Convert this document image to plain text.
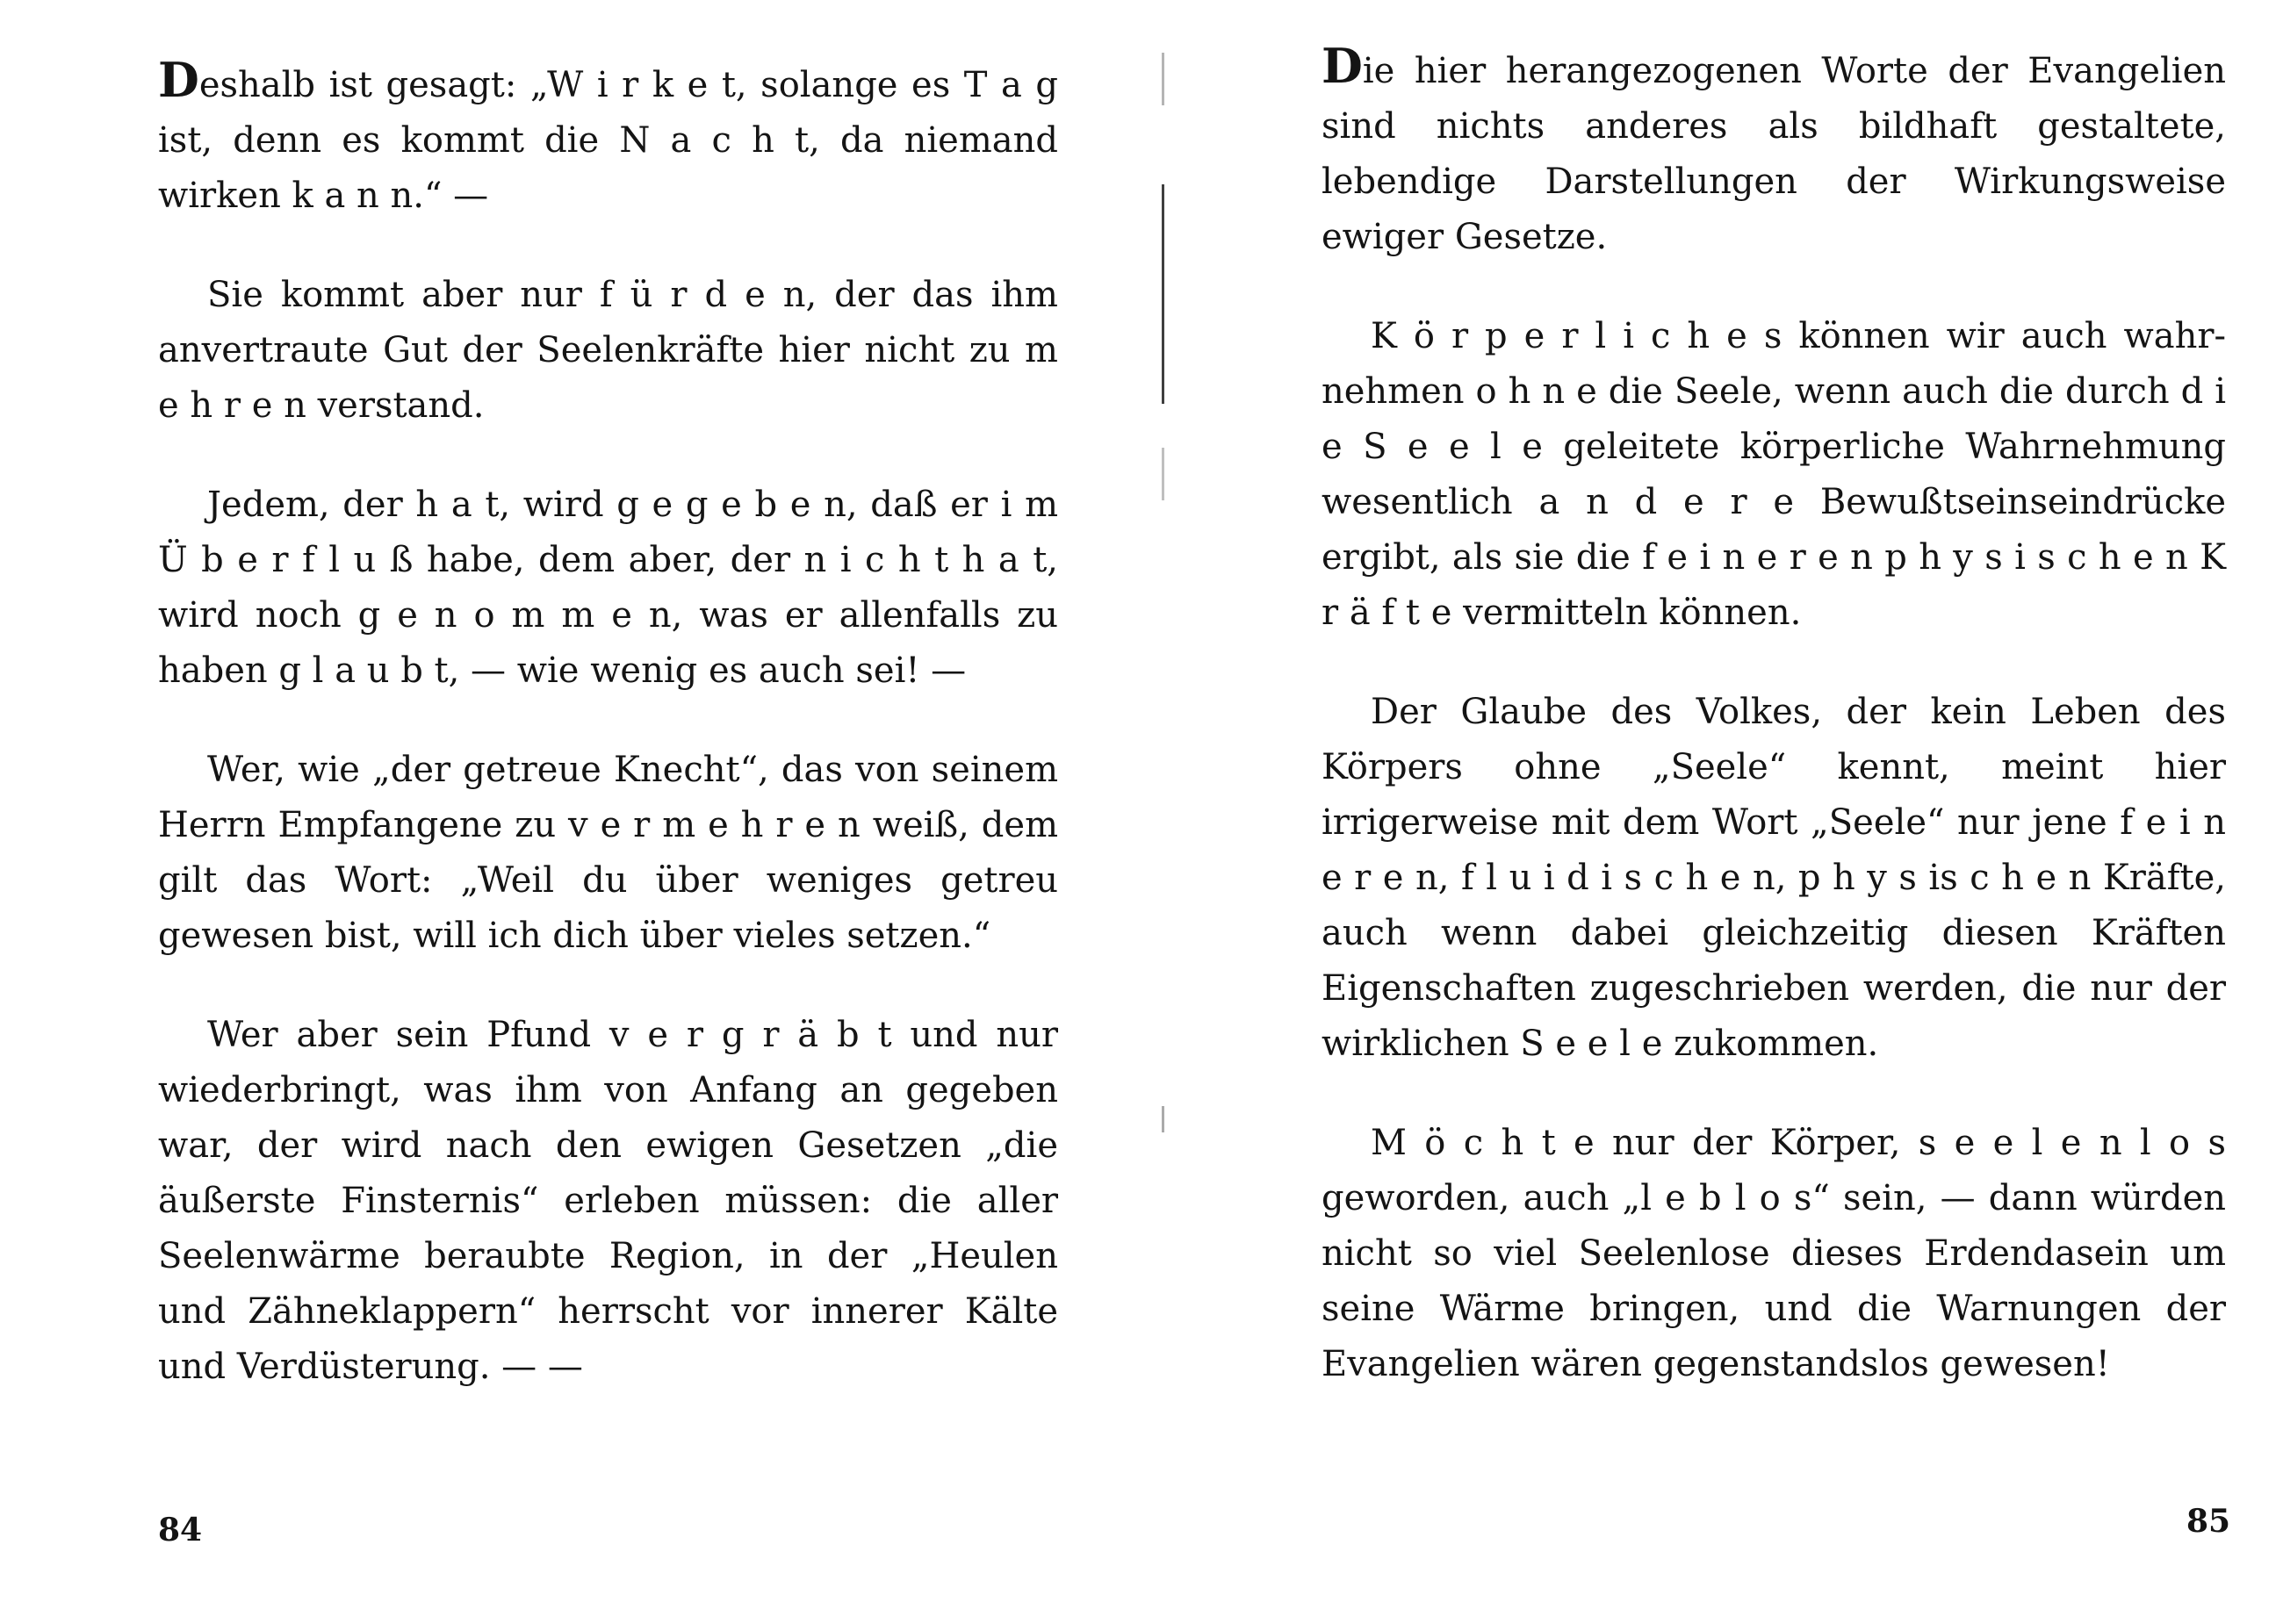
Deshalb ist gesagt: „W i r k e t, solange es T a g ist, denn es kommt die N a c h t, da niemand wirken k a n n.“ —

Sie kommt aber nur f ü r d e n, der das ihm anvertraute Gut der Seelenkräfte hier nicht zu m e h r e n verstand.

Jedem, der h a t, wird g e g e b e n, daß er i m Ü b e r f l u ß habe, dem aber, der n i c h t h a t, wird noch g e n o m m e n, was er allenfalls zu haben g l a u b t, — wie wenig es auch sei! —

Wer, wie „der getreue Knecht“, das von seinem Herrn Empfangene zu v e r m e h r e n weiß, dem gilt das Wort: „Weil du über weniges getreu gewesen bist, will ich dich über vieles setzen.“

Wer aber sein Pfund v e r g r ä b t und nur wiederbringt, was ihm von Anfang an gegeben war, der wird nach den ewigen Gesetzen „die äußerste Finsternis“ erleben müssen: die aller Seelenwärme beraubte Region, in der „Heulen und Zähneklappern“ herrscht vor innerer Kälte und Verdüsterung. — —

84

Die hier herangezogenen Worte der Evangelien sind nichts anderes als bildhaft gestaltete, lebendige Darstellungen der Wirkungsweise ewiger Gesetze.

K ö r p e r l i c h e s können wir auch wahrnehmen o h n e die Seele, wenn auch die durch d i e S e e l e geleitete körperliche Wahrnehmung wesentlich a n d e r e Bewußtseinseindrücke ergibt, als sie die f e i n e r e n p h y s i s c h e n K r ä f t e vermitteln können.

Der Glaube des Volkes, der kein Leben des Körpers ohne „Seele“ kennt, meint hier irrigerweise mit dem Wort „Seele“ nur jene f e i n e r e n, f l u i d i s c h e n, p h y s is c h e n Kräfte, auch wenn dabei gleichzeitig diesen Kräften Eigenschaften zugeschrieben werden, die nur der wirklichen S e e l e zukommen.

M ö c h t e nur der Körper, s e e l e n l o s geworden, auch „l e b l o s“ sein, — dann würden nicht so viel Seelenlose dieses Erdendasein um seine Wärme bringen, und die Warnungen der Evangelien wären gegenstandslos gewesen!

85
